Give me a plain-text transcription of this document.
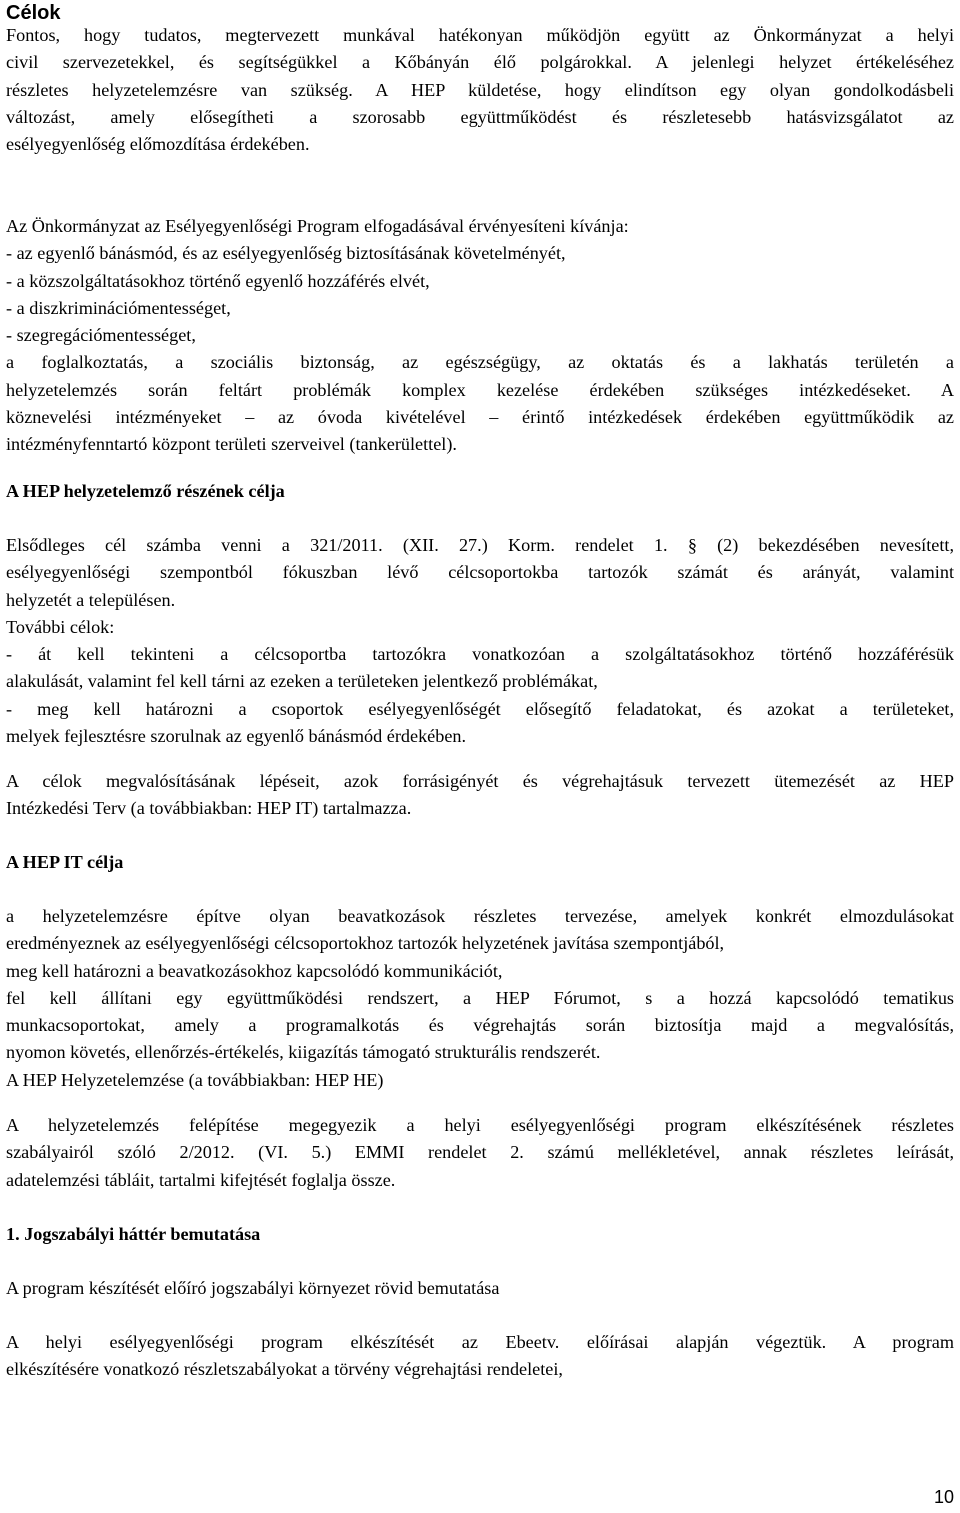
Célok
Fontos, hogy tudatos, megtervezett munkával hatékonyan működjön együtt az Önkormányzat a helyi
civil szervezetekkel, és segítségükkel a Kőbányán élő polgárokkal. A jelenlegi helyzet értékeléséhez
részletes helyzetelemzésre van szükség. A HEP küldetése, hogy elindítson egy olyan gondolkodásbeli
változást, amely elősegítheti a szorosabb együttműködést és részletesebb hatásvizsgálatot az
esélyegyenlőség előmozdítása érdekében.
Az Önkormányzat az Esélyegyenlőségi Program elfogadásával érvényesíteni kívánja:
- az egyenlő bánásmód, és az esélyegyenlőség biztosításának követelményét,
- a közszolgáltatásokhoz történő egyenlő hozzáférés elvét,
- a diszkriminációmentességet,
- szegregációmentességet,
a foglalkoztatás, a szociális biztonság, az egészségügy, az oktatás és a lakhatás területén a
helyzetelemzés során feltárt problémák komplex kezelése érdekében szükséges intézkedéseket. A
köznevelési intézményeket – az óvoda kivételével – érintő intézkedések érdekében együttműködik az
intézményfenntartó központ területi szerveivel (tankerülettel).
A HEP helyzetelemző részének célja
Elsődleges cél számba venni a 321/2011. (XII. 27.) Korm. rendelet 1. § (2) bekezdésében nevesített,
esélyegyenlőségi szempontból fókuszban lévő célcsoportokba tartozók számát és arányát, valamint
helyzetét a településen.
További célok:
- át kell tekinteni a célcsoportba tartozókra vonatkozóan a szolgáltatásokhoz történő hozzáférésük
alakulását, valamint fel kell tárni az ezeken a területeken jelentkező problémákat,
- meg kell határozni a csoportok esélyegyenlőségét elősegítő feladatokat, és azokat a területeket,
melyek fejlesztésre szorulnak az egyenlő bánásmód érdekében.
A célok megvalósításának lépéseit, azok forrásigényét és végrehajtásuk tervezett ütemezését az HEP
Intézkedési Terv (a továbbiakban: HEP IT) tartalmazza.
A HEP IT célja
a helyzetelemzésre építve olyan beavatkozások részletes tervezése, amelyek konkrét elmozdulásokat
eredményeznek az esélyegyenlőségi célcsoportokhoz tartozók helyzetének javítása szempontjából,
meg kell határozni a beavatkozásokhoz kapcsolódó kommunikációt,
fel kell állítani egy együttműködési rendszert, a HEP Fórumot, s a hozzá kapcsolódó tematikus
munkacsoportokat, amely a programalkotás és végrehajtás során biztosítja majd a megvalósítás,
nyomon követés, ellenőrzés-értékelés, kiigazítás támogató strukturális rendszerét.
A HEP Helyzetelemzése (a továbbiakban: HEP HE)
A helyzetelemzés felépítése megegyezik a helyi esélyegyenlőségi program elkészítésének részletes
szabályairól szóló 2/2012. (VI. 5.) EMMI rendelet 2. számú mellékletével, annak részletes leírását,
adatelemzési tábláit, tartalmi kifejtését foglalja össze.
1. Jogszabályi háttér bemutatása
A program készítését előíró jogszabályi környezet rövid bemutatása
A helyi esélyegyenlőségi program elkészítését az Ebeetv. előírásai alapján végeztük. A program
elkészítésére vonatkozó részletszabályokat a törvény végrehajtási rendeletei,
10
